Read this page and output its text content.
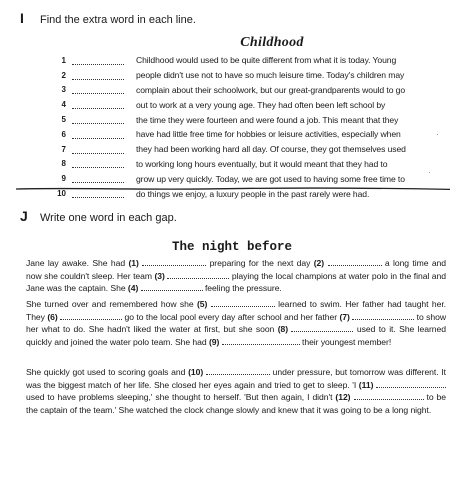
I	Find the extra word in each line.
Childhood
1	Childhood would used to be quite different from what it is today. Young
2	people didn't use not to have so much leisure time. Today's children may
3	complain about their schoolwork, but our great-grandparents would to go
4	out to work at a very young age. They had often been left school by
5	the time they were fourteen and were found a job. This meant that they
6	have had little free time for hobbies or leisure activities, especially when
7	they had been working hard all day. Of course, they got themselves used
8	to working long hours eventually, but it would meant that they had to
9	grow up very quickly. Today, we are got used to having some free time to
10	do things we enjoy, a luxury people in the past rarely were had.
·
·
J	Write one word in each gap.
The night before
Jane lay awake. She had (1)	preparing for the next day (2)	a long time and now she couldn't sleep. Her team (3)	playing the local champions at water polo in the final and Jane was the captain. She (4)	feeling the pressure.
She turned over and remembered how she (5)	learned to swim. Her father had taught her. They (6)	go to the local pool every day after school and her father (7)	to show her what to do. She hadn't liked the water at first, but she soon (8)	used to it. She learned quickly and joined the water polo team. She had (9)	their youngest member!
She quickly got used to scoring goals and (10)	under pressure, but tomorrow was different. It was the biggest match of her life. She closed her eyes again and tried to get to sleep. 'I (11)  used to have problems sleeping,' she thought to herself. 'But then again, I didn't (12)	to be the captain of the team.' She watched the clock change slowly and knew that it was going to be a long night.
